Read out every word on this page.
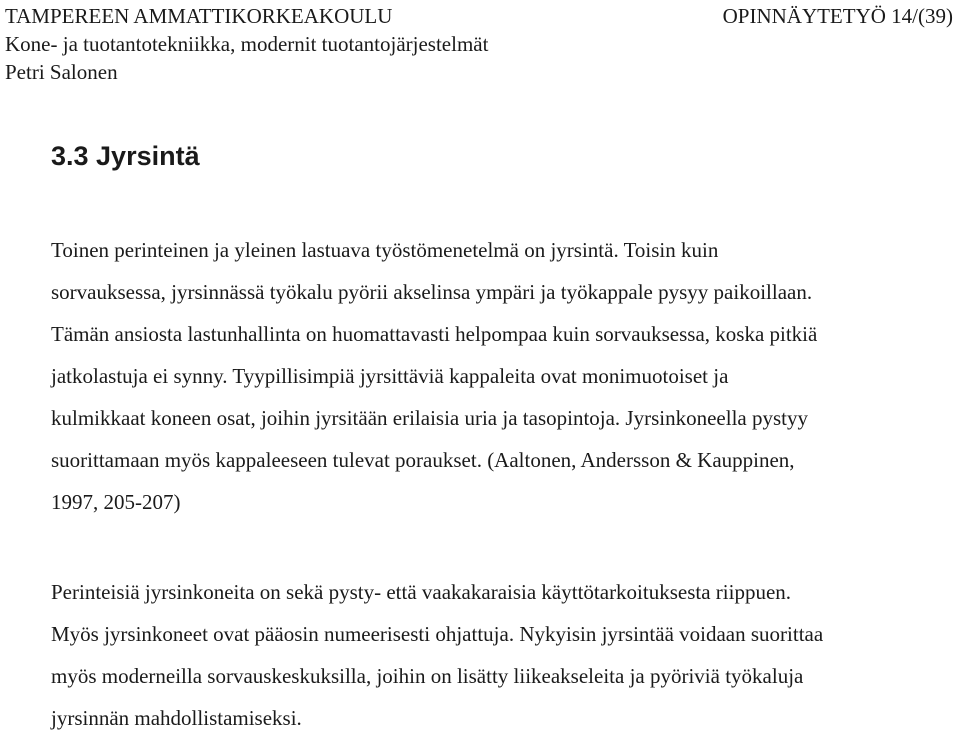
TAMPEREEN AMMATTIKORKEAKOULU	OPINNÄYTETYÖ 14/(39)
Kone- ja tuotantotekniikka, modernit tuotantojärjestelmät
Petri Salonen
3.3 Jyrsintä

Toinen perinteinen ja yleinen lastuava työstömenetelmä on jyrsintä. Toisin kuin
sorvauksessa, jyrsinnässä työkalu pyörii akselinsa ympäri ja työkappale pysyy paikoillaan.
Tämän ansiosta lastunhallinta on huomattavasti helpompaa kuin sorvauksessa, koska pitkiä
jatkolastuja ei synny. Tyypillisimpiä jyrsittäviä kappaleita ovat monimuotoiset ja
kulmikkaat koneen osat, joihin jyrsitään erilaisia uria ja tasopintoja. Jyrsinkoneella pystyy
suorittamaan myös kappaleeseen tulevat poraukset. (Aaltonen, Andersson & Kauppinen,
1997, 205-207)

Perinteisiä jyrsinkoneita on sekä pysty- että vaakakaraisia käyttötarkoituksesta riippuen.
Myös jyrsinkoneet ovat pääosin numeerisesti ohjattuja. Nykyisin jyrsintää voidaan suorittaa
myös moderneilla sorvauskeskuksilla, joihin on lisätty liikeakseleita ja pyöriviä työkaluja
jyrsinnän mahdollistamiseksi.
